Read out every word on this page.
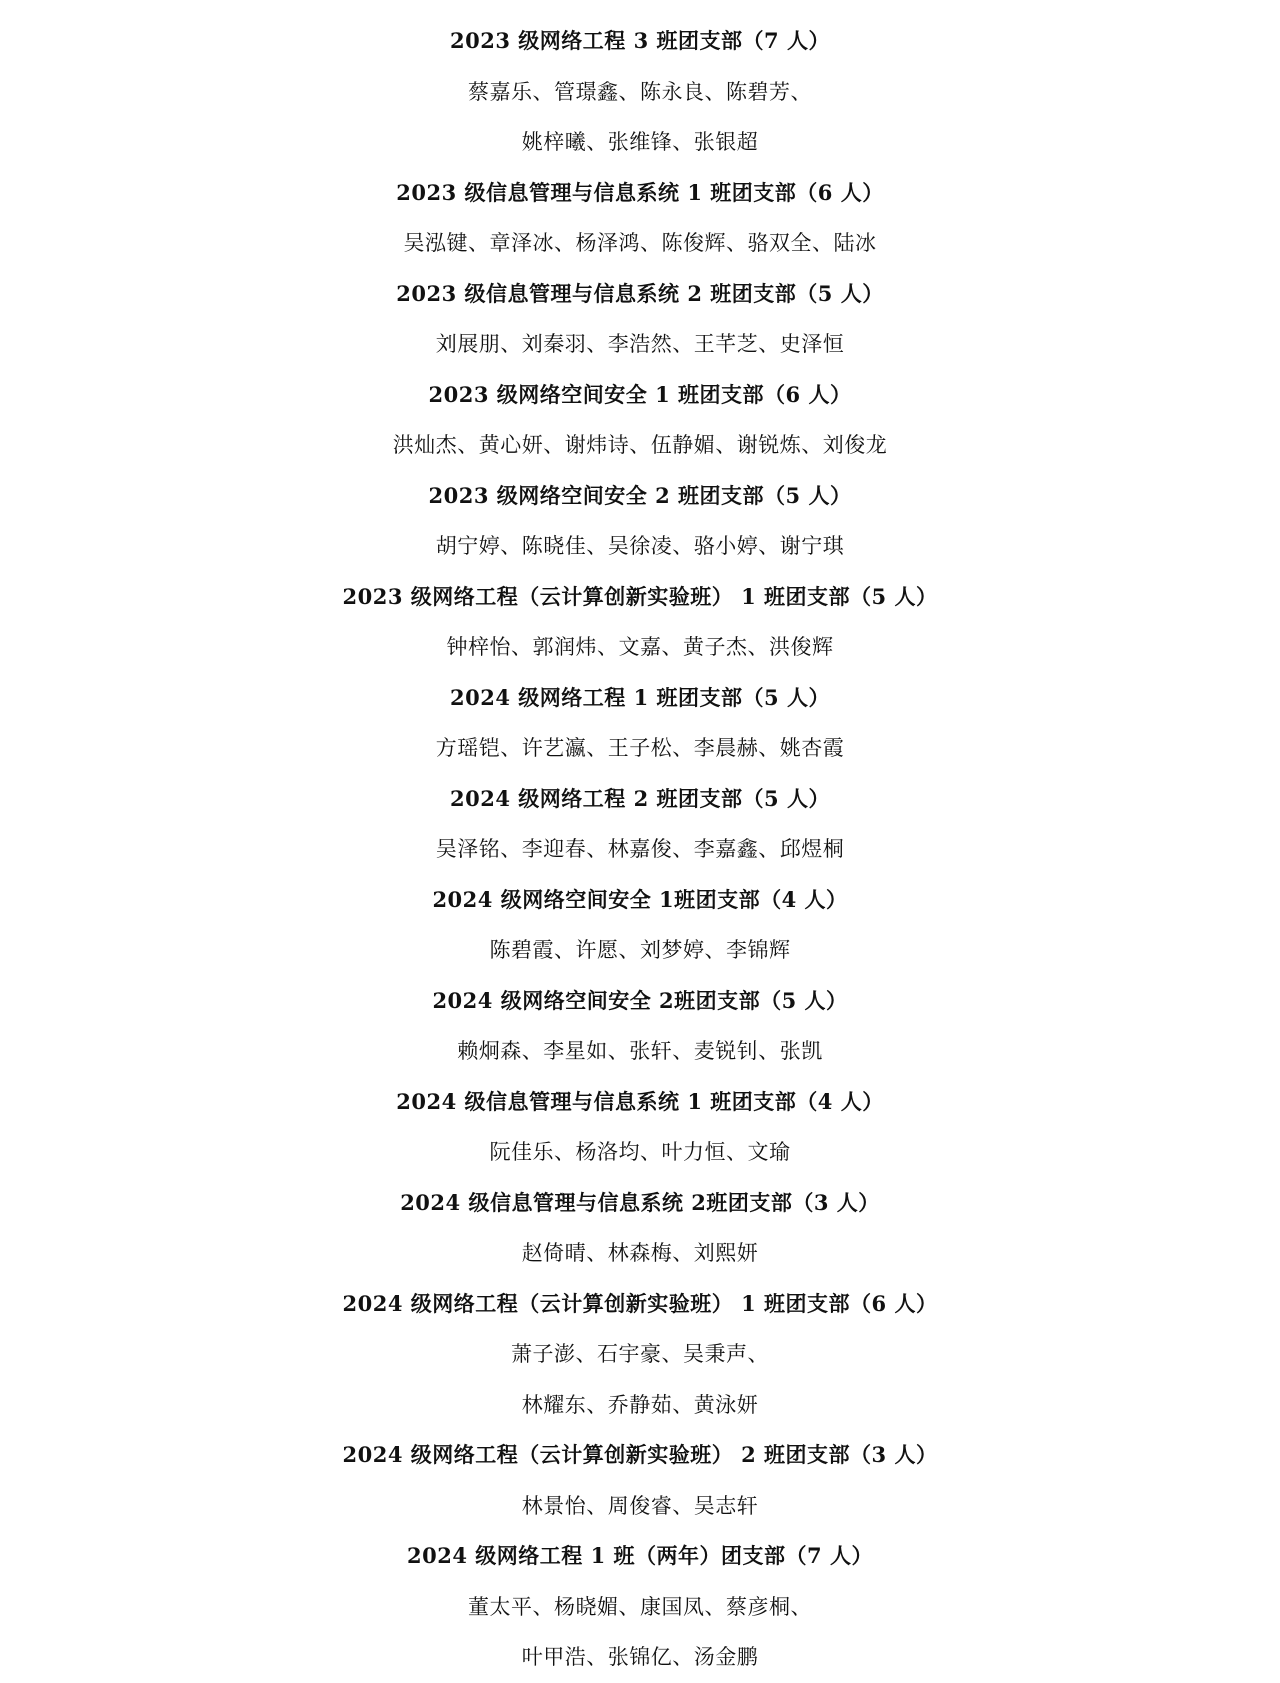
2023 级网络工程 3 班团支部（7 人）
蔡嘉乐、管璟鑫、陈永良、陈碧芳、
姚梓曦、张维锋、张银超
2023 级信息管理与信息系统 1 班团支部（6 人）
吴泓键、章泽冰、杨泽鸿、陈俊辉、骆双全、陆冰
2023 级信息管理与信息系统 2 班团支部（5 人）
刘展朋、刘秦羽、李浩然、王芊芝、史泽恒
2023 级网络空间安全 1 班团支部（6 人）
洪灿杰、黄心妍、谢炜诗、伍静媚、谢锐炼、刘俊龙
2023 级网络空间安全 2 班团支部（5 人）
胡宁婷、陈晓佳、吴徐凌、骆小婷、谢宁琪
2023 级网络工程（云计算创新实验班） 1 班团支部（5 人）
钟梓怡、郭润炜、文嘉、黄子杰、洪俊辉
2024 级网络工程 1 班团支部（5 人）
方瑶铠、许艺瀛、王子松、李晨赫、姚杏霞
2024 级网络工程 2 班团支部（5 人）
吴泽铭、李迎春、林嘉俊、李嘉鑫、邱煜桐
2024 级网络空间安全 1班团支部（4 人）
陈碧霞、许愿、刘梦婷、李锦辉
2024 级网络空间安全 2班团支部（5 人）
赖炯森、李星如、张轩、麦锐钊、张凯
2024 级信息管理与信息系统 1 班团支部（4 人）
阮佳乐、杨洛均、叶力恒、文瑜
2024 级信息管理与信息系统 2班团支部（3 人）
赵倚晴、林森梅、刘熙妍
2024 级网络工程（云计算创新实验班） 1 班团支部（6 人）
萧子澎、石宇豪、吴秉声、
林耀东、乔静茹、黄泳妍
2024 级网络工程（云计算创新实验班） 2 班团支部（3 人）
林景怡、周俊睿、吴志轩
2024 级网络工程 1 班（两年）团支部（7 人）
董太平、杨晓媚、康国凤、蔡彦桐、
叶甲浩、张锦亿、汤金鹏
